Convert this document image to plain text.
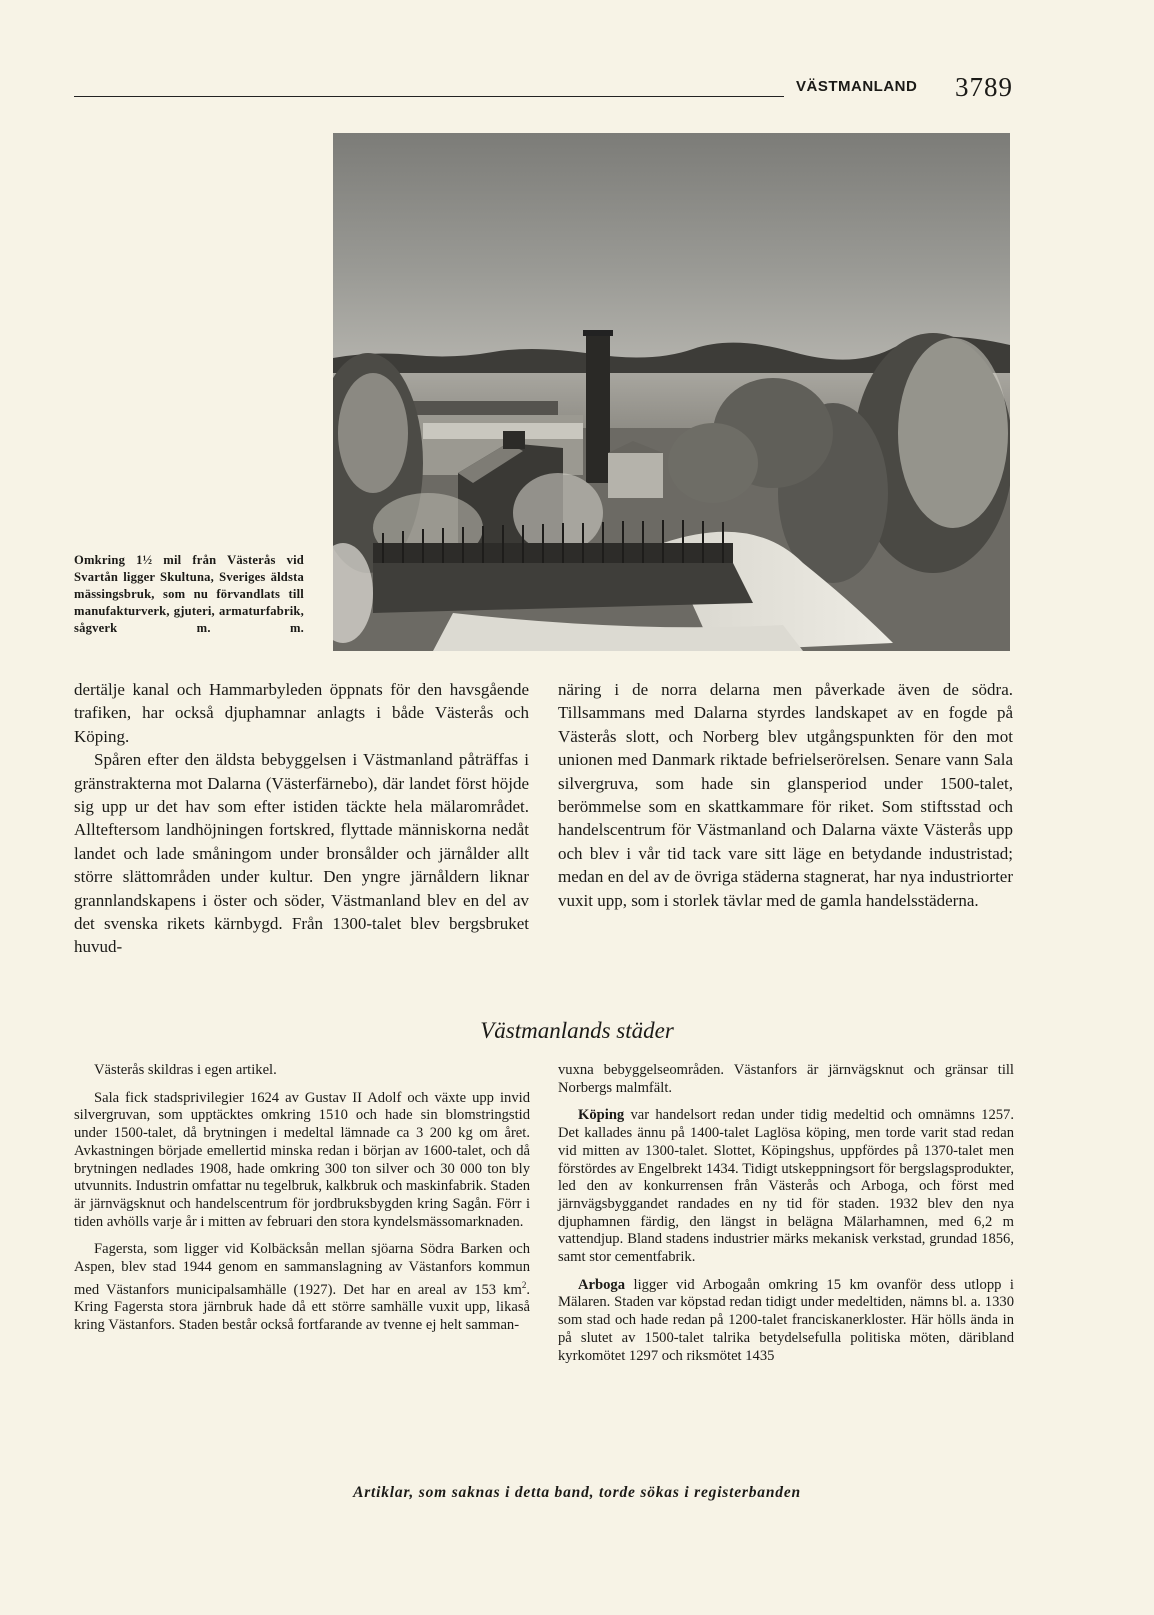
VÄSTMANLAND 3789
Omkring 1½ mil från Västerås vid Svartån ligger Skultuna, Sveriges äldsta mässingsbruk, som nu förvandlats till manufakturverk, gjuteri, armaturfabrik, sågverk m. m.

dertälje kanal och Hammarbyleden öppnats för den havsgående trafiken, har också djuphamnar anlagts i både Västerås och Köping.

Spåren efter den äldsta bebyggelsen i Västmanland påträffas i gränstrakterna mot Dalarna (Västerfärnebo), där landet först höjde sig upp ur det hav som efter istiden täckte hela mälarområdet. Allteftersom landhöjningen fortskred, flyttade människorna nedåt landet och lade småningom under bronsålder och järnålder allt större slättområden under kultur. Den yngre järnåldern liknar grannlandskapens i öster och söder, Västmanland blev en del av det svenska rikets kärnbygd. Från 1300-talet blev bergsbruket huvud-

näring i de norra delarna men påverkade även de södra. Tillsammans med Dalarna styrdes landskapet av en fogde på Västerås slott, och Norberg blev utgångspunkten för den mot unionen med Danmark riktade befrielserörelsen. Senare vann Sala silvergruva, som hade sin glansperiod under 1500-talet, berömmelse som en skattkammare för riket. Som stiftsstad och handelscentrum för Västmanland och Dalarna växte Västerås upp och blev i vår tid tack vare sitt läge en betydande industristad; medan en del av de övriga städerna stagnerat, har nya industriorter vuxit upp, som i storlek tävlar med de gamla handelsstäderna.

Västmanlands städer

Västerås skildras i egen artikel.

Sala fick stadsprivilegier 1624 av Gustav II Adolf och växte upp invid silvergruvan, som upptäcktes omkring 1510 och hade sin blomstringstid under 1500-talet, då brytningen i medeltal lämnade ca 3 200 kg om året. Avkastningen började emellertid minska redan i början av 1600-talet, och då brytningen nedlades 1908, hade omkring 300 ton silver och 30 000 ton bly utvunnits. Industrin omfattar nu tegelbruk, kalkbruk och maskinfabrik. Staden är järnvägsknut och handelscentrum för jordbruksbygden kring Sagån. Förr i tiden avhölls varje år i mitten av februari den stora kyndelsmässomarknaden.

Fagersta, som ligger vid Kolbäcksån mellan sjöarna Södra Barken och Aspen, blev stad 1944 genom en sammanslagning av Västanfors kommun med Västanfors municipalsamhälle (1927). Det har en areal av 153 $km^2$. Kring Fagersta stora järnbruk hade då ett större samhälle vuxit upp, likaså kring Västanfors. Staden består också fortfarande av tvenne ej helt samman-

vuxna bebyggelseområden. Västanfors är järnvägsknut och gränsar till Norbergs malmfält.

Köping var handelsort redan under tidig medeltid och omnämns 1257. Det kallades ännu på 1400-talet Laglösa köping, men torde varit stad redan vid mitten av 1300-talet. Slottet, Köpingshus, uppfördes på 1370-talet men förstördes av Engelbrekt 1434. Tidigt utskeppningsort för bergslagsprodukter, led den av konkurrensen från Västerås och Arboga, och först med järnvägsbyggandet randades en ny tid för staden. 1932 blev den nya djuphamnen färdig, den längst in belägna Mälarhamnen, med 6,2 m vattendjup. Bland stadens industrier märks mekanisk verkstad, grundad 1856, samt stor cementfabrik.

Arboga ligger vid Arbogaån omkring 15 km ovanför dess utlopp i Mälaren. Staden var köpstad redan tidigt under medeltiden, nämns bl. a. 1330 som stad och hade redan på 1200-talet franciskanerkloster. Här hölls ända in på slutet av 1500-talet talrika betydelsefulla politiska möten, däribland kyrkomötet 1297 och riksmötet 1435

Artiklar, som saknas i detta band, torde sökas i registerbanden
